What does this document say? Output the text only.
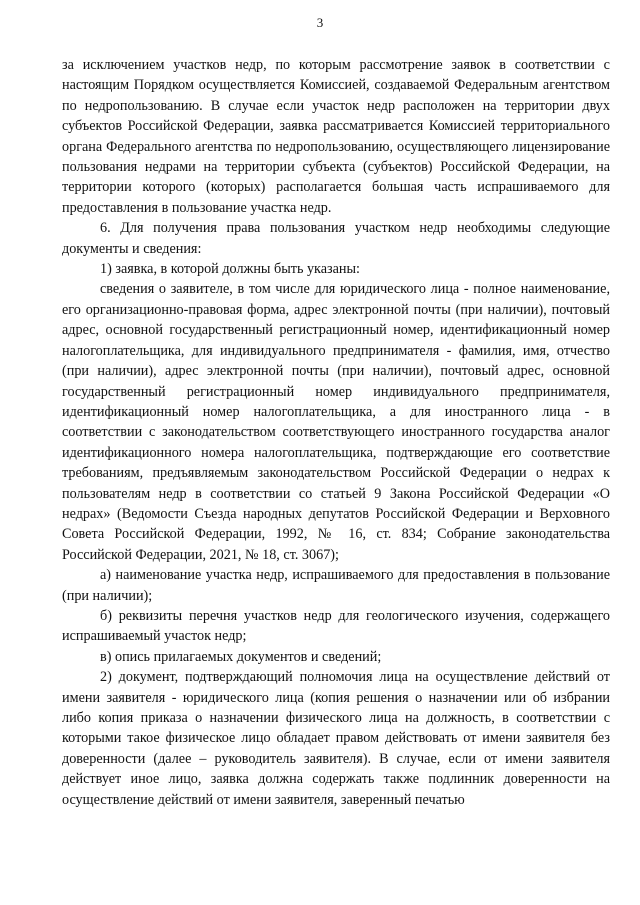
3

за исключением участков недр, по которым рассмотрение заявок в соответствии с настоящим Порядком осуществляется Комиссией, создаваемой Федеральным агентством по недропользованию. В случае если участок недр расположен на территории двух субъектов Российской Федерации, заявка рассматривается Комиссией территориального органа Федерального агентства по недропользованию, осуществляющего лицензирование пользования недрами на территории субъекта (субъектов) Российской Федерации, на территории которого (которых) располагается большая часть испрашиваемого для предоставления в пользование участка недр.

6. Для получения права пользования участком недр необходимы следующие документы и сведения:

1) заявка, в которой должны быть указаны:

сведения о заявителе, в том числе для юридического лица - полное наименование, его организационно-правовая форма, адрес электронной почты (при наличии), почтовый адрес, основной государственный регистрационный номер, идентификационный номер налогоплательщика, для индивидуального предпринимателя - фамилия, имя, отчество (при наличии), адрес электронной почты (при наличии), почтовый адрес, основной государственный регистрационный номер индивидуального предпринимателя, идентификационный номер налогоплательщика, а для иностранного лица - в соответствии с законодательством соответствующего иностранного государства аналог идентификационного номера налогоплательщика, подтверждающие его соответствие требованиям, предъявляемым законодательством Российской Федерации о недрах к пользователям недр в соответствии со статьей 9 Закона Российской Федерации «О недрах» (Ведомости Съезда народных депутатов Российской Федерации и Верховного Совета Российской Федерации, 1992, № 16, ст. 834; Собрание законодательства Российской Федерации, 2021, № 18, ст. 3067);

а) наименование участка недр, испрашиваемого для предоставления в пользование (при наличии);

б) реквизиты перечня участков недр для геологического изучения, содержащего испрашиваемый участок недр;

в) опись прилагаемых документов и сведений;

2) документ, подтверждающий полномочия лица на осуществление действий от имени заявителя - юридического лица (копия решения о назначении или об избрании либо копия приказа о назначении физического лица на должность, в соответствии с которыми такое физическое лицо обладает правом действовать от имени заявителя без доверенности (далее – руководитель заявителя). В случае, если от имени заявителя действует иное лицо, заявка должна содержать также подлинник доверенности на осуществление действий от имени заявителя, заверенный печатью
